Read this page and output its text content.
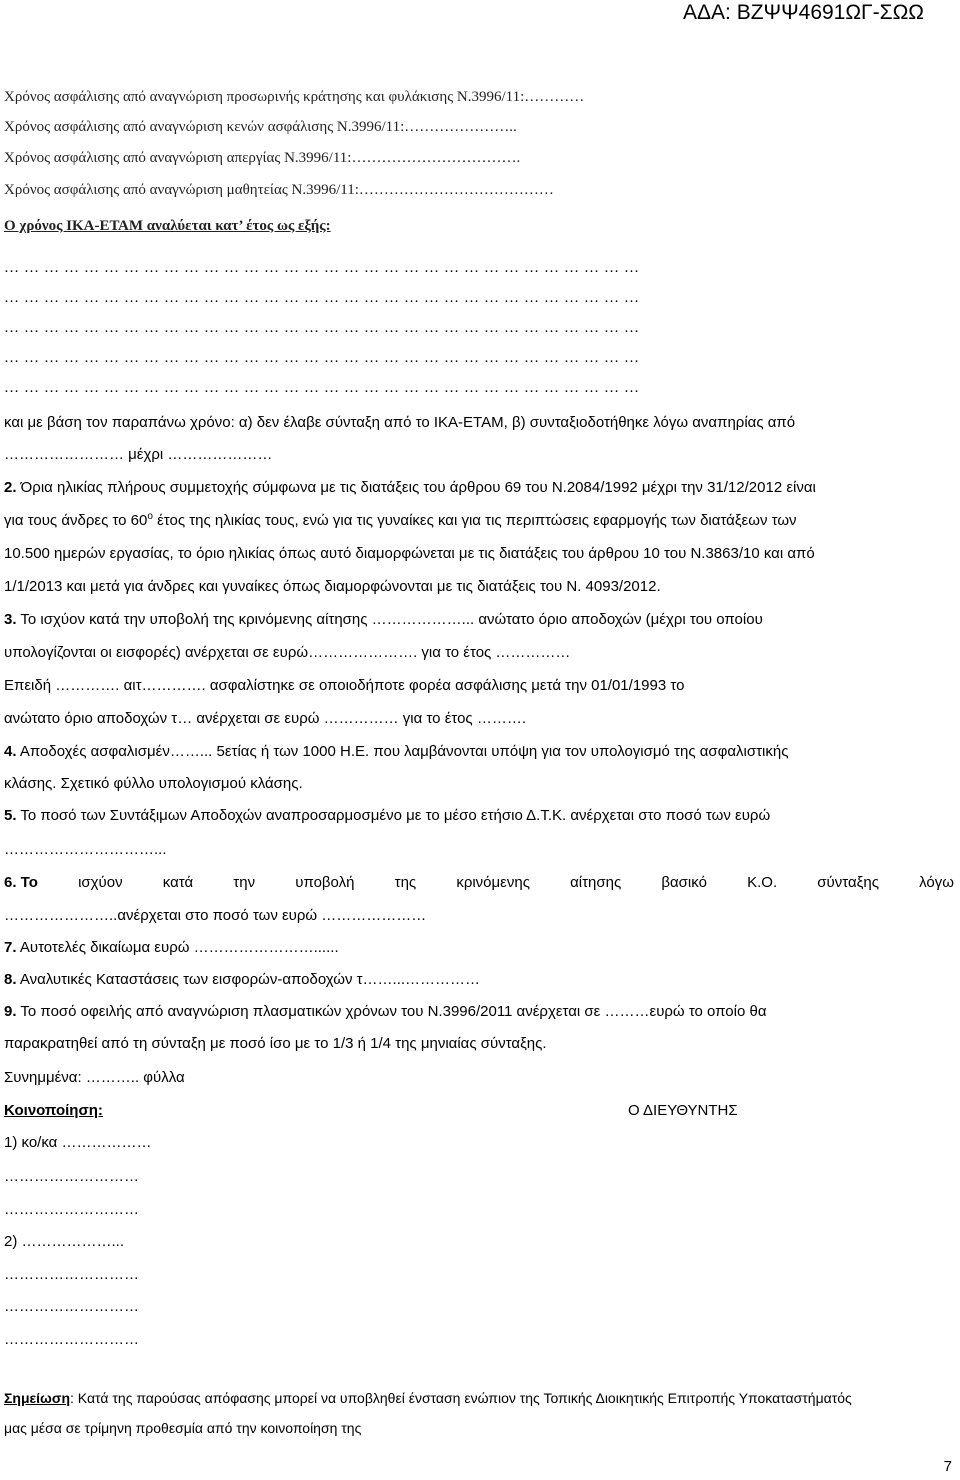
ΑΔΑ: ΒΖΨΨ4691ΩΓ-ΣΩΩ
Χρόνος ασφάλισης από αναγνώριση προσωρινής κράτησης και φυλάκισης Ν.3996/11:…………
Χρόνος ασφάλισης από αναγνώριση κενών ασφάλισης Ν.3996/11:…………………..
Χρόνος ασφάλισης από αναγνώριση απεργίας Ν.3996/11:…………………………….
Χρόνος ασφάλισης από αναγνώριση μαθητείας Ν.3996/11:…………………………………
Ο χρόνος ΙΚΑ-ΕΤΑΜ αναλύεται κατ’ έτος ως εξής:
……………………………………………………………………………………
……………………………………………………………………………………
……………………………………………………………………………………
……………………………………………………………………………………
……………………………………………………………………………………
και με βάση τον παραπάνω χρόνο: α) δεν έλαβε σύνταξη από το ΙΚΑ-ΕΤΑΜ, β) συνταξιοδοτήθηκε λόγω αναπηρίας από
…………………… μέχρι …………………
2. Όρια ηλικίας πλήρους συμμετοχής σύμφωνα με τις διατάξεις του άρθρου 69 του Ν.2084/1992 μέχρι την 31/12/2012 είναι
για τους άνδρες το $60^o$ έτος της ηλικίας τους, ενώ για τις γυναίκες και για τις περιπτώσεις εφαρμογής των διατάξεων των
10.500 ημερών εργασίας, το όριο ηλικίας όπως αυτό διαμορφώνεται με τις διατάξεις του άρθρου 10 του Ν.3863/10 και από
1/1/2013 και μετά για άνδρες και γυναίκες όπως διαμορφώνονται με τις διατάξεις του Ν. 4093/2012.
3. Το ισχύον κατά την υποβολή της κρινόμενης αίτησης ………………... ανώτατο όριο αποδοχών (μέχρι του οποίου
υπολογίζονται οι εισφορές) ανέρχεται σε ευρώ…………………. για το έτος ……………
Επειδή …………. αιτ…………. ασφαλίστηκε σε οποιοδήποτε φορέα ασφάλισης μετά την 01/01/1993 το
ανώτατο όριο αποδοχών τ… ανέρχεται σε ευρώ …………… για το έτος ……….
4. Αποδοχές ασφαλισμέν……... 5ετίας ή των 1000 Η.Ε. που λαμβάνονται υπόψη για τον υπολογισμό της ασφαλιστικής
κλάσης. Σχετικό φύλλο υπολογισμού κλάσης.
5. Το ποσό των Συντάξιμων Αποδοχών αναπροσαρμοσμένο με το μέσο ετήσιο Δ.Τ.Κ. ανέρχεται στο ποσό των ευρώ
…………………………...
6. Το	ισχύον	κατά	την	υποβολή	της	κρινόμενης	αίτησης	βασικό	Κ.Ο.	σύνταξης	λόγω
…………………..ανέρχεται στο ποσό των ευρώ …………………
7. Αυτοτελές δικαίωμα ευρώ ……………………......
8. Αναλυτικές Καταστάσεις των εισφορών-αποδοχών τ……...……………
9. Το ποσό οφειλής από αναγνώριση πλασματικών χρόνων του Ν.3996/2011 ανέρχεται σε ………ευρώ το οποίο θα
παρακρατηθεί από τη σύνταξη με ποσό ίσο με το 1/3 ή 1/4 της μηνιαίας σύνταξης.
Συνημμένα: ……….. φύλλα
Κοινοποίηση:	Ο ΔΙΕΥΘΥΝΤΗΣ
1) κο/κα ………………
………………………
………………………
2) ………………...
………………………
………………………
………………………
Σημείωση: Κατά της παρούσας απόφασης μπορεί να υποβληθεί ένσταση ενώπιον της Τοπικής Διοικητικής Επιτροπής Υποκαταστήματός
μας μέσα σε τρίμηνη προθεσμία από την κοινοποίηση της
7
